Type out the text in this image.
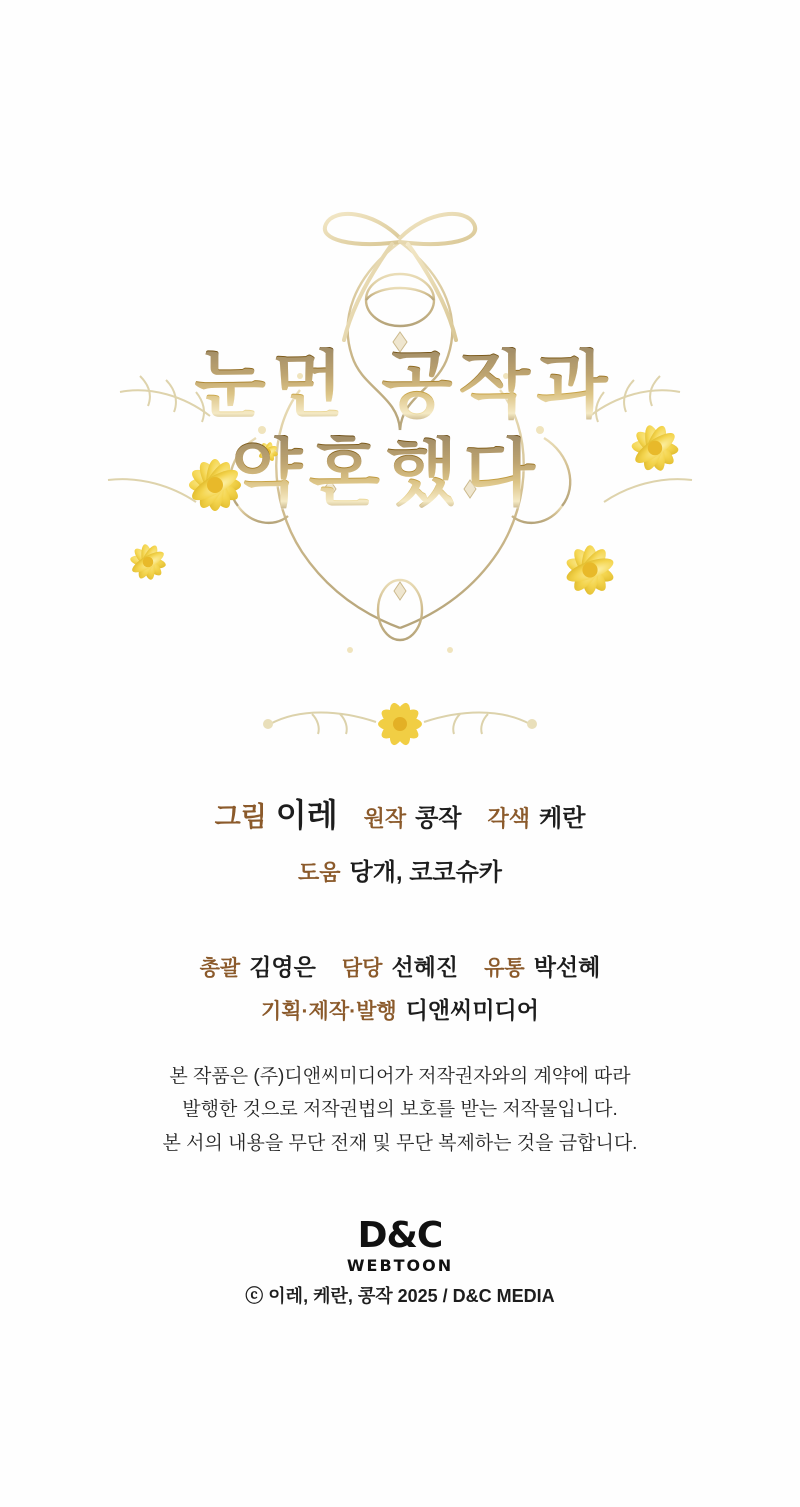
눈먼 공작과
약혼했다
그림 이레 원작 콩작 각색 케란
도움 당개, 코코슈카
총괄 김영은 담당 선혜진 유통 박선혜
기획·제작·발행 디앤씨미디어
본 작품은 (주)디앤씨미디어가 저작권자와의 계약에 따라
발행한 것으로 저작권법의 보호를 받는 저작물입니다.
본 서의 내용을 무단 전재 및 무단 복제하는 것을 금합니다.
D&C
WEBTOON
ⓒ 이레, 케란, 콩작 2025 / D&C MEDIA
